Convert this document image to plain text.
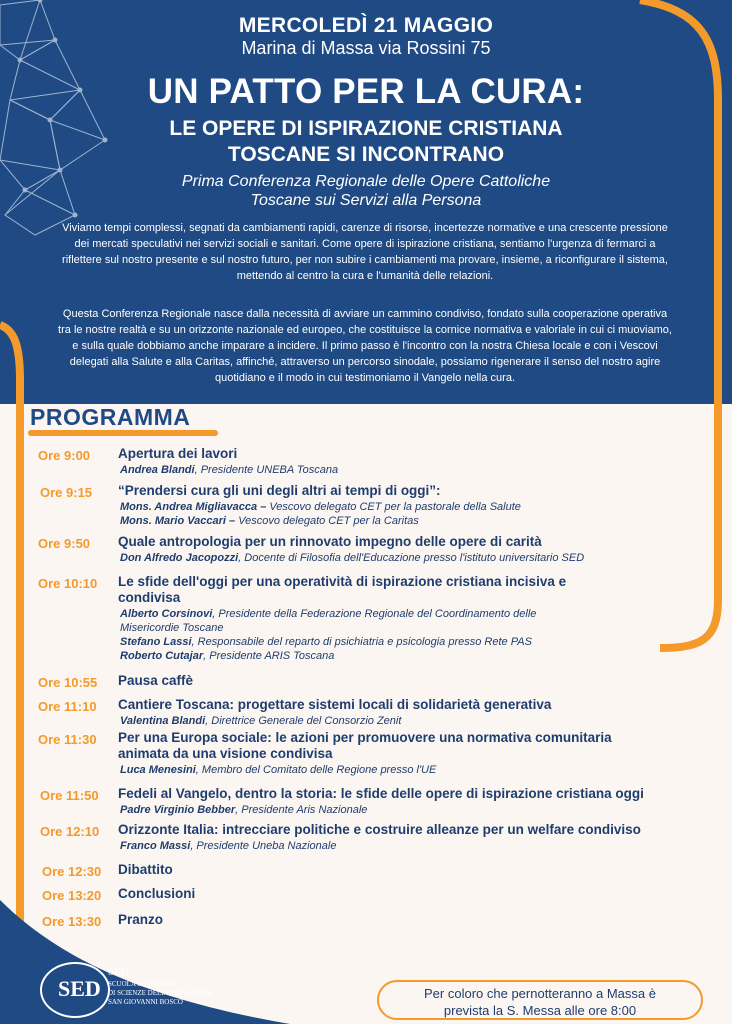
MERCOLEDÌ 21 MAGGIO
Marina di Massa via Rossini 75
UN PATTO PER LA CURA:
LE OPERE DI ISPIRAZIONE CRISTIANA
TOSCANE SI INCONTRANO
Prima Conferenza Regionale delle Opere Cattoliche
Toscane sui Servizi alla Persona
Viviamo tempi complessi, segnati da cambiamenti rapidi, carenze di risorse, incertezze normative e una crescente pressione dei mercati speculativi nei servizi sociali e sanitari. Come opere di ispirazione cristiana, sentiamo l'urgenza di fermarci a riflettere sul nostro presente e sul nostro futuro, per non subire i cambiamenti ma provare, insieme, a riconfigurare il sistema, mettendo al centro la cura e l'umanità delle relazioni.
Questa Conferenza Regionale nasce dalla necessità di avviare un cammino condiviso, fondato sulla cooperazione operativa tra le nostre realtà e su un orizzonte nazionale ed europeo, che costituisce la cornice normativa e valoriale in cui ci muoviamo, e sulla quale dobbiamo anche imparare a incidere. Il primo passo è l'incontro con la nostra Chiesa locale e con i Vescovi delegati alla Salute e alla Caritas, affinché, attraverso un percorso sinodale, possiamo rigenerare il senso del nostro agire quotidiano e il modo in cui testimoniamo il Vangelo nella cura.
PROGRAMMA
Ore 9:00 Apertura dei lavori
Andrea Blandi, Presidente UNEBA Toscana
Ore 9:15 “Prendersi cura gli uni degli altri ai tempi di oggi”:
Mons. Andrea Migliavacca – Vescovo delegato CET per la pastorale della Salute
Mons. Mario Vaccari – Vescovo delegato CET per la Caritas
Ore 9:50 Quale antropologia per un rinnovato impegno delle opere di carità
Don Alfredo Jacopozzi, Docente di Filosofia dell'Educazione presso l'istituto universitario SED
Ore 10:10 Le sfide dell'oggi per una operatività di ispirazione cristiana incisiva e
condivisa
Alberto Corsinovi, Presidente della Federazione Regionale del Coordinamento delle
Misericordie Toscane
Stefano Lassi, Responsabile del reparto di psichiatria e psicologia presso Rete PAS
Roberto Cutajar, Presidente ARIS Toscana
Ore 10:55 Pausa caffè
Ore 11:10 Cantiere Toscana: progettare sistemi locali di solidarietà generativa
Valentina Blandi, Direttrice Generale del Consorzio Zenit
Ore 11:30 Per una Europa sociale: le azioni per promuovere una normativa comunitaria
animata da una visione condivisa
Luca Menesini, Membro del Comitato delle Regione presso l'UE
Ore 11:50 Fedeli al Vangelo, dentro la storia: le sfide delle opere di ispirazione cristiana oggi
Padre Virginio Bebber, Presidente Aris Nazionale
Ore 12:10 Orizzonte Italia: intrecciare politiche e costruire alleanze per un welfare condiviso
Franco Massi, Presidente Uneba Nazionale
Ore 12:30 Dibattito
Ore 13:20 Conclusioni
Ore 13:30 Pranzo
SED
SED
SCUOLA SUPERIORE
DI SCIENZE DELL'EDUCAZIONE
SAN GIOVANNI BOSCO
Per coloro che pernotteranno a Massa è
prevista la S. Messa alle ore 8:00
